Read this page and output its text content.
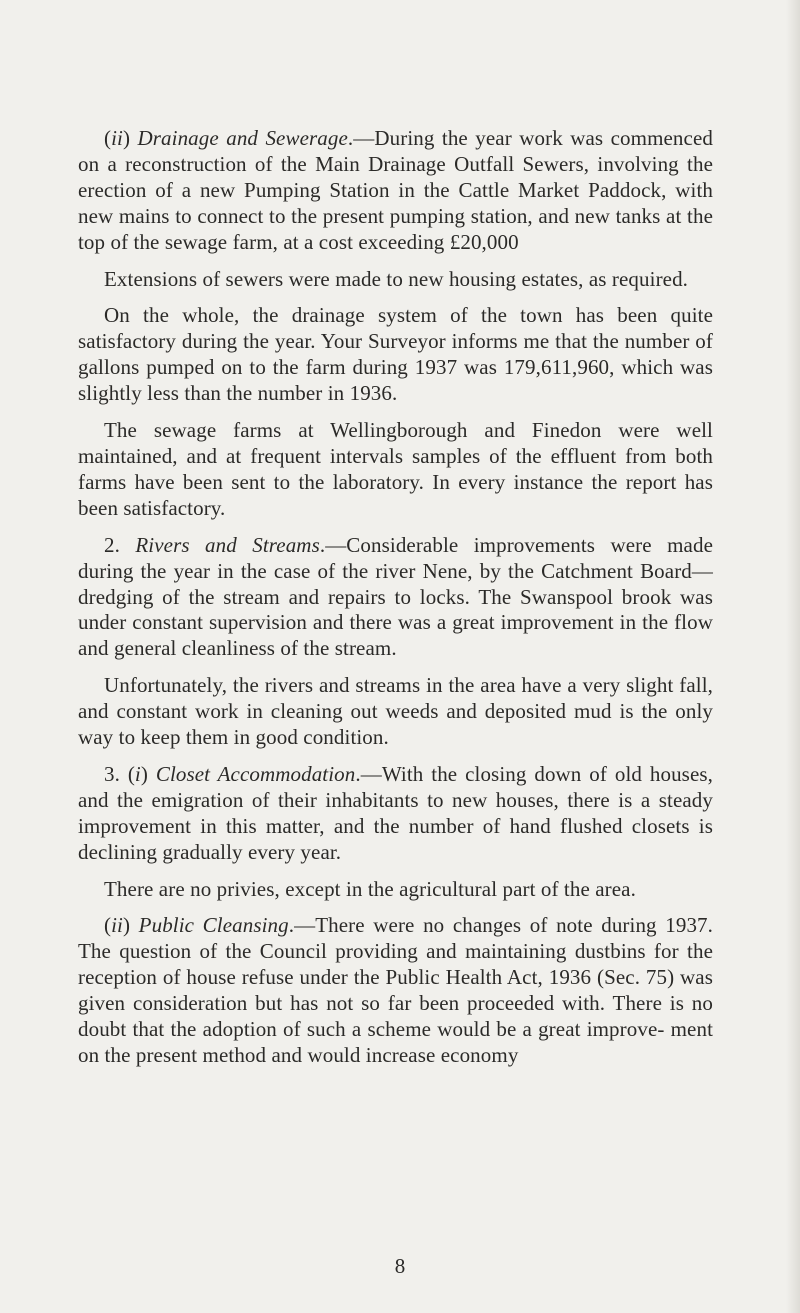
(ii) Drainage and Sewerage.—During the year work was commenced on a reconstruction of the Main Drainage Outfall Sewers, involving the erection of a new Pumping Station in the Cattle Market Paddock, with new mains to connect to the present pumping station, and new tanks at the top of the sewage farm, at a cost exceeding £20,000

Extensions of sewers were made to new housing estates, as required.

On the whole, the drainage system of the town has been quite satisfactory during the year. Your Surveyor informs me that the number of gallons pumped on to the farm during 1937 was 179,611,960, which was slightly less than the number in 1936.

The sewage farms at Wellingborough and Finedon were well maintained, and at frequent intervals samples of the effluent from both farms have been sent to the laboratory. In every instance the report has been satisfactory.

2. Rivers and Streams.—Considerable improvements were made during the year in the case of the river Nene, by the Catchment Board—dredging of the stream and repairs to locks. The Swanspool brook was under constant supervision and there was a great improvement in the flow and general cleanliness of the stream.

Unfortunately, the rivers and streams in the area have a very slight fall, and constant work in cleaning out weeds and deposited mud is the only way to keep them in good condition.

3. (i) Closet Accommodation.—With the closing down of old houses, and the emigration of their inhabitants to new houses, there is a steady improvement in this matter, and the number of hand flushed closets is declining gradually every year.

There are no privies, except in the agricultural part of the area.

(ii) Public Cleansing.—There were no changes of note during 1937. The question of the Council providing and maintaining dustbins for the reception of house refuse under the Public Health Act, 1936 (Sec. 75) was given consideration but has not so far been proceeded with. There is no doubt that the adoption of such a scheme would be a great improve- ment on the present method and would increase economy

8
